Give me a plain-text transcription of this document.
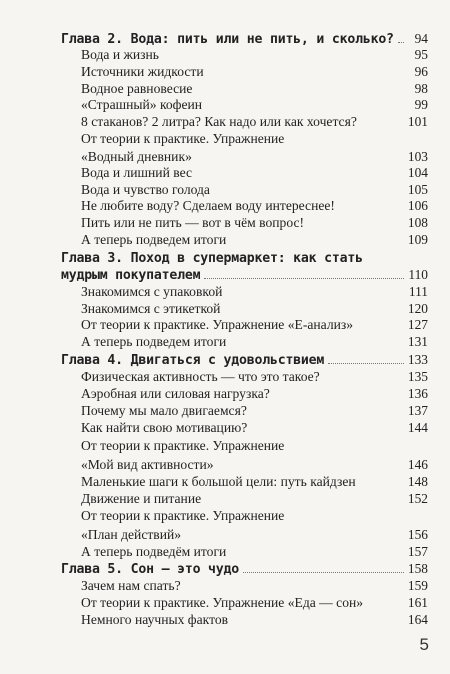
Глава 2. Вода: пить или не пить, и сколько? 94
Вода и жизнь	95
Источники жидкости	96
Водное равновесие	98
«Страшный» кофеин	99
8 стаканов? 2 литра? Как надо или как хочется?	101
От теории к практике. Упражнение
«Водный дневник»	103
Вода и лишний вес	104
Вода и чувство голода	105
Не любите воду? Сделаем воду интереснее!	106
Пить или не пить — вот в чём вопрос!	108
А теперь подведем итоги	109
Глава 3. Поход в супермаркет: как стать
мудрым покупателем	110
Знакомимся с упаковкой	111
Знакомимся с этикеткой	120
От теории к практике. Упражнение «Е-анализ»	127
А теперь подведем итоги	131
Глава 4. Двигаться с удовольствием	133
Физическая активность — что это такое?	135
Аэробная или силовая нагрузка?	136
Почему мы мало двигаемся?	137
Как найти свою мотивацию?	144
От теории к практике. Упражнение
«Мой вид активности»	146
Маленькие шаги к большой цели: путь кайдзен	148
Движение и питание	152
От теории к практике. Упражнение
«План действий»	156
А теперь подведём итоги	157
Глава 5. Сон — это чудо	158
Зачем нам спать?	159
От теории к практике. Упражнение «Еда — сон»	161
Немного научных фактов	164
5
